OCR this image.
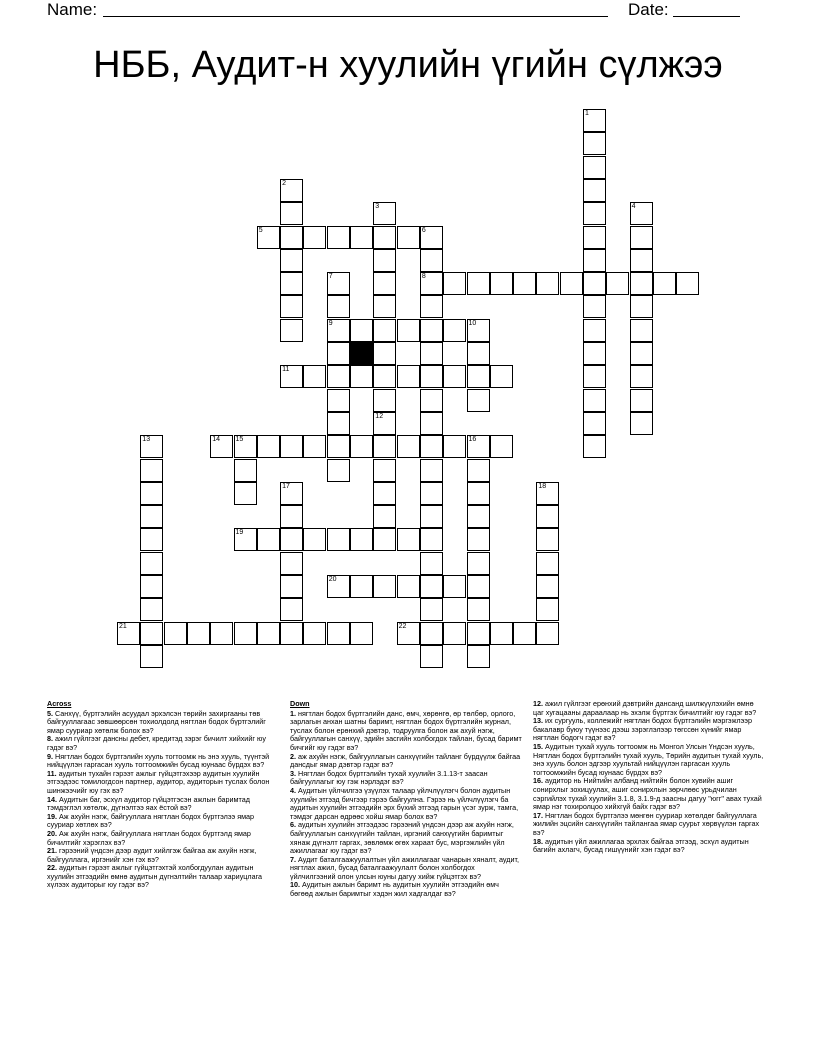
Name:	Date:
НББ, Аудит-н хуулийн үгийн сүлжээ
1
2
3
12
4
6
8
7
9	10
13	15	16
17	18
5
11
14
19
20
21	22
Across
5. Санхүү, бүртгэлийн асуудал эрхэлсэн төрийн захиргааны төв байгууллагаас зөвшөөрсөн тохиолдолд нягтлан бодох бүртгэлийг ямар сууриар хөтөлж болох вэ?
8. ажил гүйлгээг дансны дебет, кредитэд зэрэг бичилт хийхийг юу гэдэг вэ?
9. Нягтлан бодох бүртгэлийн хууль тогтоомж нь энэ хууль, түүнтэй нийцүүлэн гаргасан хууль тогтоомжийн бусад юунаас бүрдэх вэ?
11. аудитын тухайн гэрээт ажлыг гүйцэтгэхээр аудитын хуулийн этгээдээс томилогдсон партнер, аудитор, аудиторын туслах болон шинжээчийг юу гэх вэ?
14. Аудитын баг, эсхүл аудитор гүйцэтгэсэн ажлын баримтад тэмдэглэл хөтөлж, дүгнэлтээ яах ёстой вэ?
19. Аж ахуйн нэгж, байгууллага нягтлан бодох бүртгэлээ ямар сууриар хөтлөх вэ?
20. Аж ахуйн нэгж, байгууллага нягтлан бодох бүртгэлд ямар бичилтийг хэрэглэх вэ?
21. гэрээний үндсэн дээр аудит хийлгэж байгаа аж ахуйн нэгж, байгууллага, иргэнийг хэн гэх вэ?
22. аудитын гэрээт ажлыг гүйцэтгэхтэй холбогдуулан аудитын хуулийн этгээдийн өмнө аудитын дүгнэлтийн талаар хариуцлага хүлээх аудиторыг юу гэдэг вэ?
Down
1. нягтлан бодох бүртгэлийн данс, өмч, хөрөнгө, өр төлбөр, орлого, зарлагын анхан шатны баримт, нягтлан бодох бүртгэлийн журнал, туслах болон ерөнхий дэвтэр, тодруулга болон аж ахуй нэгж, байгууллагын санхүү, эдийн засгийн холбогдох тайлан, бусад баримт бичгийг юу гэдэг вэ?
2. аж ахуйн нэгж, байгууллагын санхүүгийн тайланг бүрдүүлж байгаа дансдыг ямар дэвтэр гэдэг вэ?
3. Нягтлан бодох бүртгэлийн тухай хуулийн 3.1.13-т заасан байгууллагыг юу гэж нэрлэдэг вэ?
4. Аудитын үйлчилгээ үзүүлэх талаар үйлчлүүлэгч болон аудитын хуулийн этгээд бичгээр гэрээ байгуулна. Гэрээ нь үйлчлүүлэгч ба аудитын хуулийн этгээдийн эрх бүхий этгээд гарын үсэг зурж, тамга, тэмдэг дарсан өдрөөс хойш ямар болох вэ?
6. аудитын хуулийн этгээдээс гэрээний үндсэн дээр аж ахуйн нэгж, байгууллагын санхүүгийн тайлан, иргэний санхүүгийн баримтыг хянаж дүгнэлт гаргах, зөвлөмж өгөх хараат бус, мэргэжлийн үйл ажиллагааг юу гэдэг вэ?
7. Аудит баталгаажуулалтын үйл ажиллагааг чанарын хяналт, аудит, нягтлах ажил, бусад баталгаажуулалт болон холбогдох үйлчилгээний олон улсын юуны дагуу хийж гүйцэтгэх вэ?
10. Аудитын ажлын баримт нь аудитын хуулийн этгээдийн өмч бөгөөд ажлын баримтыг хэдэн жил хадгалдаг вэ?
12. ажил гүйлгээг ерөнхий дэвтрийн дансанд шилжүүлэхийн өмнө цаг хугацааны дараалаар нь эхэлж бүртгэх бичилтийг юу гэдэг вэ?
13. их сургууль, коллежийг нягтлан бодох бүртгэлийн мэргэжлээр бакалавр буюу түүнээс дээш зэрэглэлээр төгссөн хүнийг ямар нягтлан бодогч гэдэг вэ?
15. Аудитын тухай хууль тогтоомж нь Монгол Улсын Үндсэн хууль, Нягтлан бодох бүртгэлийн тухай хууль, Төрийн аудитын тухай хууль, энэ хууль болон эдгээр хуультай нийцүүлэн гаргасан хууль тогтоомжийн бусад юунаас бүрдэх вэ?
16. аудитор нь Нийтийн албанд нийтийн болон хувийн ашиг сонирхлыг зохицуулах, ашиг сонирхлын зөрчлөөс урьдчилан сэргийлэх тухай хуулийн 3.1.8, 3.1.9-д заасны дагуу "югг" авах тухай ямар нэг тохиролцоо хийхгүй байх гэдэг вэ?
17. Нягтлан бодох бүртгэлээ мөнгөн сууриар хөтөлдөг байгууллага жилийн эцсийн санхүүгийн тайлангаа ямар суурьт хөрвүүлэн гаргах вэ?
18. аудитын үйл ажиллагаа эрхлэх байгаа этгээд, эсхүл аудитын багийн ахлагч, бусад гишүүнийг хэн гэдэг вэ?
